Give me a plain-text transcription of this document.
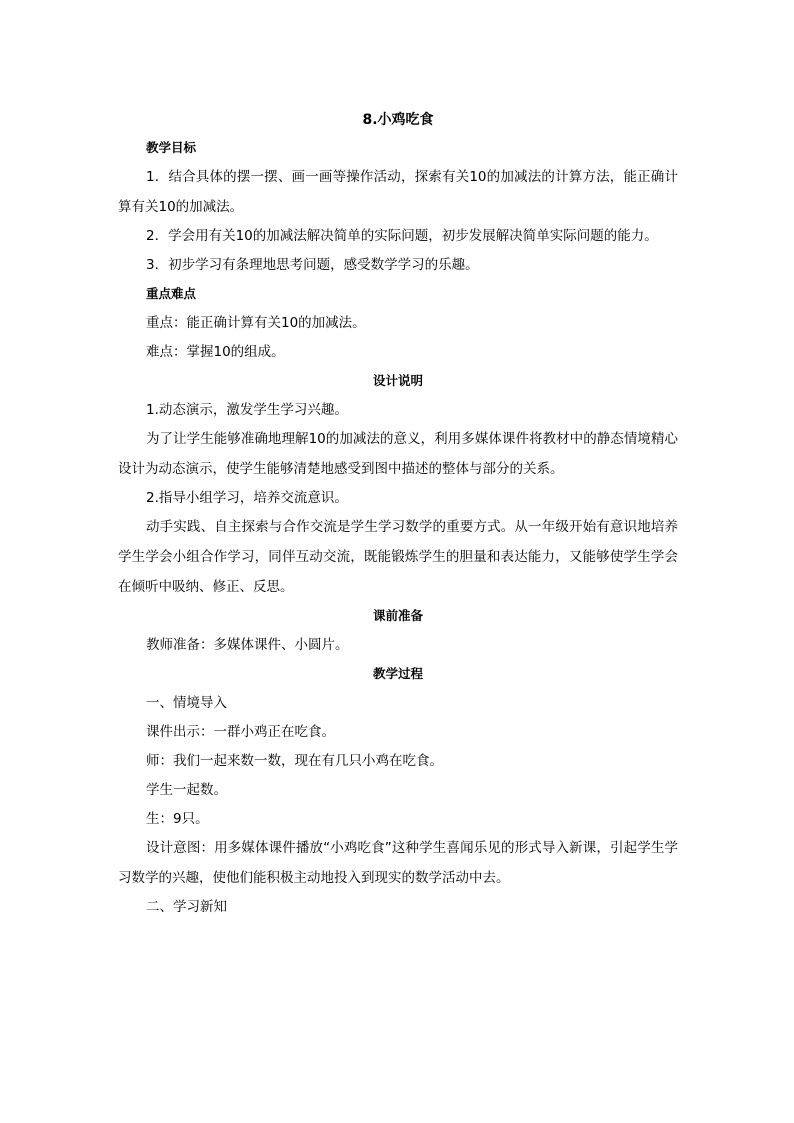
8.小鸡吃食
教学目标
1．结合具体的摆一摆、画一画等操作活动，探索有关10的加减法的计算方法，能正确计算有关10的加减法。
2．学会用有关10的加减法解决简单的实际问题，初步发展解决简单实际问题的能力。
3．初步学习有条理地思考问题，感受数学学习的乐趣。
重点难点
重点：能正确计算有关10的加减法。
难点：掌握10的组成。
设计说明
1.动态演示，激发学生学习兴趣。
为了让学生能够准确地理解10的加减法的意义，利用多媒体课件将教材中的静态情境精心设计为动态演示，使学生能够清楚地感受到图中描述的整体与部分的关系。
2.指导小组学习，培养交流意识。
动手实践、自主探索与合作交流是学生学习数学的重要方式。从一年级开始有意识地培养学生学会小组合作学习，同伴互动交流，既能锻炼学生的胆量和表达能力，又能够使学生学会在倾听中吸纳、修正、反思。
课前准备
教师准备：多媒体课件、小圆片。
教学过程
一、情境导入
课件出示：一群小鸡正在吃食。
师：我们一起来数一数，现在有几只小鸡在吃食。
学生一起数。
生：9只。
设计意图：用多媒体课件播放“小鸡吃食”这种学生喜闻乐见的形式导入新课，引起学生学习数学的兴趣，使他们能积极主动地投入到现实的数学活动中去。
二、学习新知
